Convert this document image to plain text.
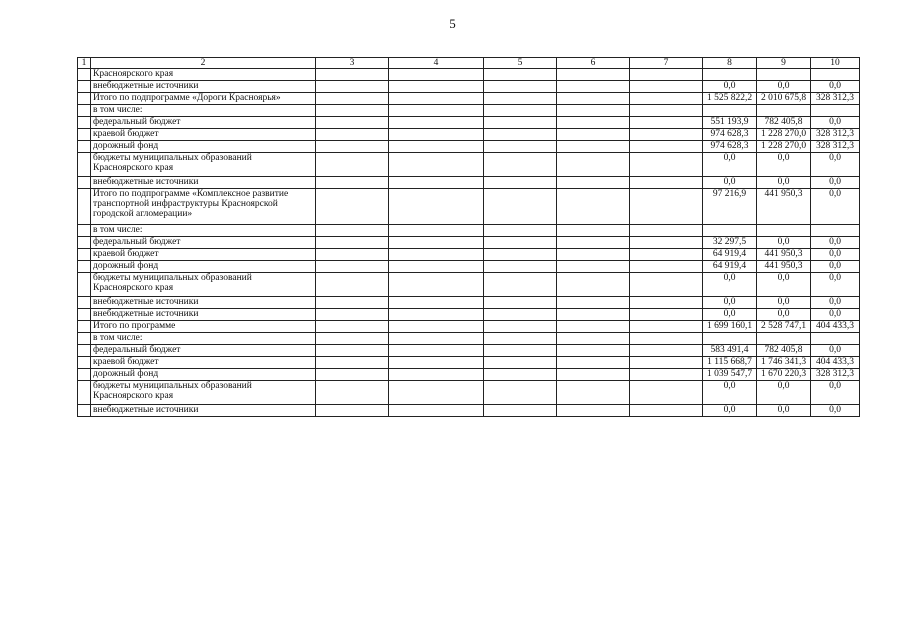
5
1	2	3	4	5	6	7	8	9	10
	Красноярского края								
	внебюджетные источники						0,0	0,0	0,0
	Итого по подпрограмме «Дороги Красноярья»						1 525 822,2	2 010 675,8	328 312,3
	в том числе:								
	федеральный бюджет						551 193,9	782 405,8	0,0
	краевой бюджет						974 628,3	1 228 270,0	328 312,3
	дорожный фонд						974 628,3	1 228 270,0	328 312,3
	бюджеты муниципальных образований Красноярского края						0,0	0,0	0,0
	внебюджетные источники						0,0	0,0	0,0
	Итого по подпрограмме «Комплексное развитие транспортной инфраструктуры Красноярской городской агломерации»						97 216,9	441 950,3	0,0
	в том числе:								
	федеральный бюджет						32 297,5	0,0	0,0
	краевой бюджет						64 919,4	441 950,3	0,0
	дорожный фонд						64 919,4	441 950,3	0,0
	бюджеты муниципальных образований Красноярского края						0,0	0,0	0,0
	внебюджетные источники						0,0	0,0	0,0
	внебюджетные источники						0,0	0,0	0,0
	Итого по программе						1 699 160,1	2 528 747,1	404 433,3
	в том числе:								
	федеральный бюджет						583 491,4	782 405,8	0,0
	краевой бюджет						1 115 668,7	1 746 341,3	404 433,3
	дорожный фонд						1 039 547,7	1 670 220,3	328 312,3
	бюджеты муниципальных образований Красноярского края						0,0	0,0	0,0
	внебюджетные источники						0,0	0,0	0,0
